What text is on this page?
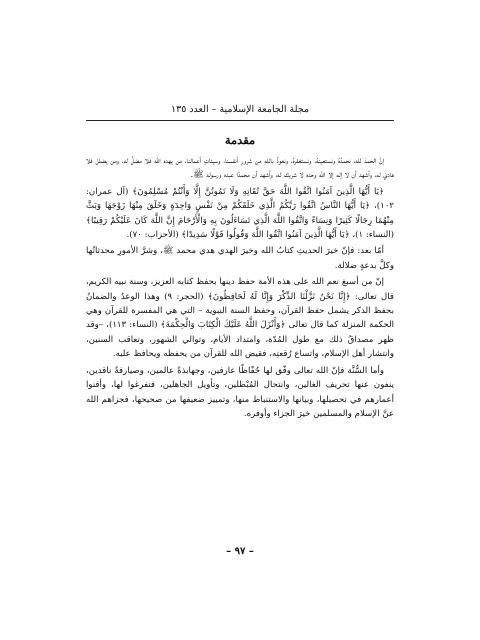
مجلة الجامعة الإسلامية – العدد ١٣٥
مقدمة

إنَّ الحمدَ لله، نحمدُهُ ونستعينهُ، ونستغفرهُ، ونعوذُ باللهِ من شرورِ أنفسنا، وسيئاتِ أعمالنا، من يهده الله فلا مضلَّ له، ومن يضلل فلا هاديَ له، وأشهد أن لا إله إلا الله وحده لا شريك له، وأشهد أن محمدًا عبده ورسوله ﷺ.

﴿يَا أَيُّهَا الَّذِينَ آمَنُوا اتَّقُوا اللَّهَ حَقَّ تُقَاتِهِ وَلَا تَمُوتُنَّ إِلَّا وَأَنْتُمْ مُسْلِمُونَ﴾ (آل عمران: ١٠٢)، ﴿يَا أَيُّهَا النَّاسُ اتَّقُوا رَبَّكُمُ الَّذِي خَلَقَكُمْ مِنْ نَفْسٍ وَاحِدَةٍ وَخَلَقَ مِنْهَا زَوْجَهَا وَبَثَّ مِنْهُمَا رِجَالًا كَثِيرًا وَنِسَاءً وَاتَّقُوا اللَّهَ الَّذِي تَسَاءَلُونَ بِهِ وَالْأَرْحَامَ إِنَّ اللَّهَ كَانَ عَلَيْكُمْ رَقِيبًا﴾ (النساء: ١)، ﴿يَا أَيُّهَا الَّذِينَ آمَنُوا اتَّقُوا اللَّهَ وَقُولُوا قَوْلًا سَدِيدًا﴾ (الأحزاب: ٧٠).

أمّا بعد: فإنّ خيرَ الحديثِ كتابُ الله وخيرَ الهدي هدي محمد ﷺ، وشرَّ الأمورِ محدثاتُها وكلَّ بدعةٍ ضلالة.

إنّ من أسبغ نعم الله على هذه الأمة حفظ دينها بحفظ كتابه العزيز، وسنة نبيه الكريم، قال تعالى: ﴿إِنَّا نَحْنُ نَزَّلْنَا الذِّكْرَ وَإِنَّا لَهُ لَحَافِظُونَ﴾ (الحجر: ٩) وهذا الوعدُ والضمانُ بحفظ الذكر يشمل حفظ القرآن، وحفظ السنة النبوية – التي هي المفسرة للقرآن وهي الحكمة المنزلة كما قال تعالى ﴿وَأَنْزَلَ اللَّهُ عَلَيْكَ الْكِتَابَ وَالْحِكْمَةَ﴾ (النساء: ١١٣)، –وقد ظهر مصداقُ ذلك مع طول المُدّة، وامتداد الأيام، وتوالي الشهور، وتعاقب السنين، وانتشار أهل الإسلام، واتساع رُقعتِه، فقيض الله للقرآن من يحفظه ويحافظ عليه.

وأما السُّنَّة فإنّ الله تعالى وفّق لها حُفّاظًا عارفين، وجهابذةً عالمين، وصيارفةً ناقدين، ينفون عنها تحريف الغالين، وانتحال المُبْطلين، وتأويل الجاهلين، فتفرغوا لها، وأفنوا أعمارهم في تحصيلها، وبيانها والاستنباط منها، وتمييز ضعيفها من صحيحها، فجزاهم الله عنَّ الإسلام والمسلمين خيرَ الجزاء وأوفره.

– ٩٧ –
